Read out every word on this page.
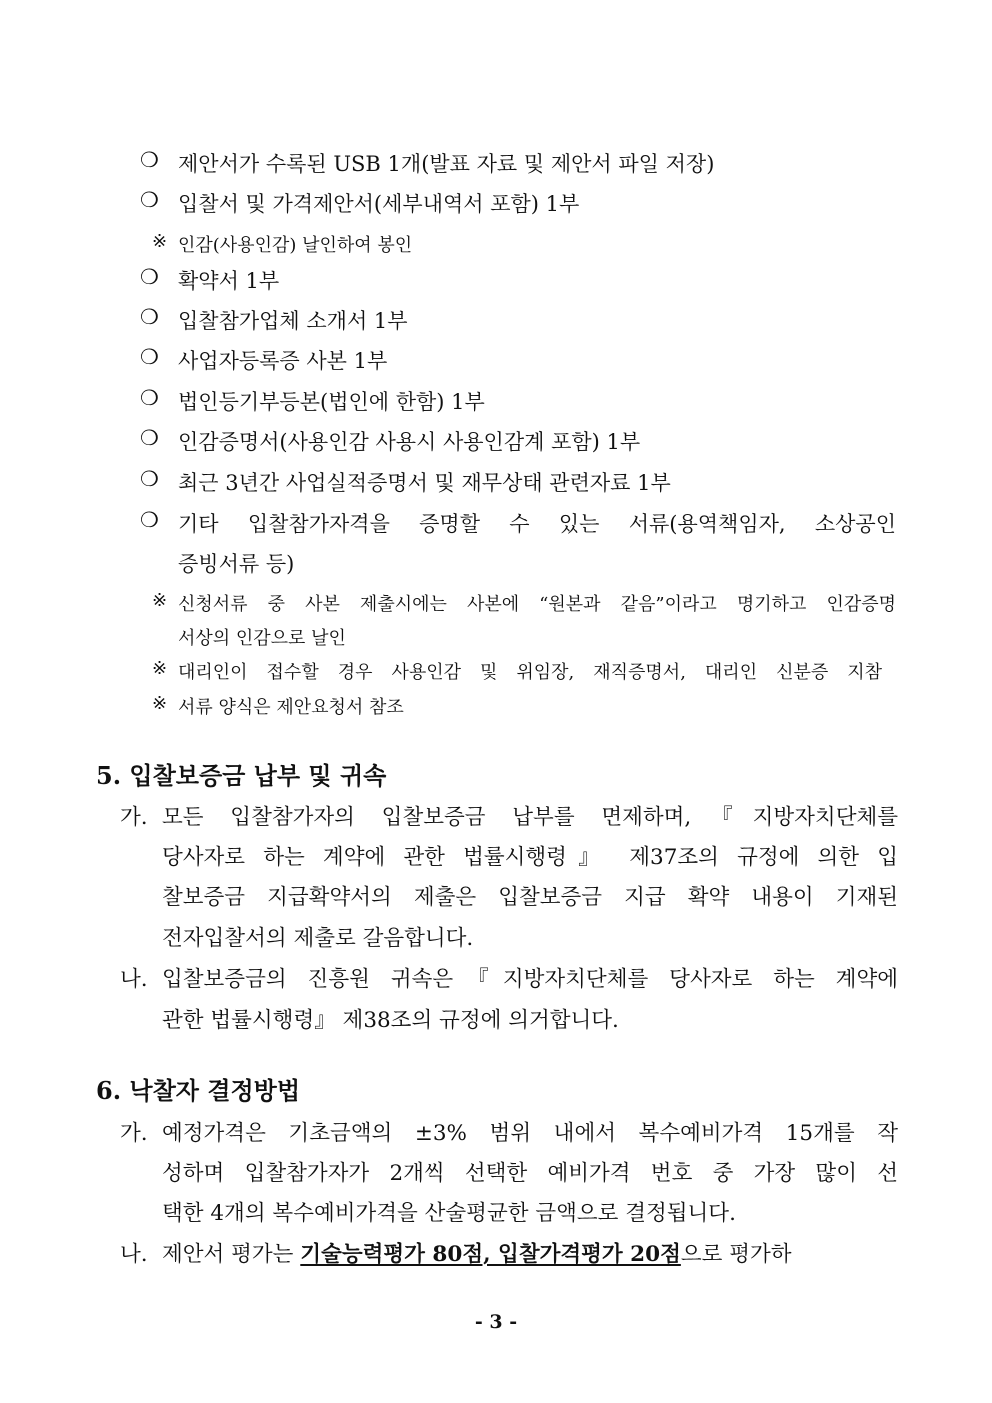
❍ 제안서가 수록된 USB 1개(발표 자료 및 제안서 파일 저장)
❍ 입찰서 및 가격제안서(세부내역서 포함) 1부
※ 인감(사용인감) 날인하여 봉인
❍ 확약서 1부
❍ 입찰참가업체 소개서 1부
❍ 사업자등록증 사본 1부
❍ 법인등기부등본(법인에 한함) 1부
❍ 인감증명서(사용인감 사용시 사용인감계 포함) 1부
❍ 최근 3년간 사업실적증명서 및 재무상태 관련자료 1부
❍ 기타 입찰참가자격을 증명할 수 있는 서류(용역책임자, 소상공인
증빙서류 등)
※ 신청서류 중 사본 제출시에는 사본에 “원본과 같음”이라고 명기하고 인감증명
서상의 인감으로 날인
※ 대리인이 접수할 경우 사용인감 및 위임장, 재직증명서, 대리인 신분증 지참
※ 서류 양식은 제안요청서 참조
5. 입찰보증금 납부 및 귀속
가. 모든 입찰참가자의 입찰보증금 납부를 면제하며,『지방자치단체를
당사자로 하는 계약에 관한 법률시행령』 제37조의 규정에 의한 입
찰보증금 지급확약서의 제출은 입찰보증금 지급 확약 내용이 기재된
전자입찰서의 제출로 갈음합니다.
나. 입찰보증금의 진흥원 귀속은『지방자치단체를 당사자로 하는 계약에
관한 법률시행령』 제38조의 규정에 의거합니다.
6. 낙찰자 결정방법
가. 예정가격은 기초금액의 ±3% 범위 내에서 복수예비가격 15개를 작
성하며 입찰참가자가 2개씩 선택한 예비가격 번호 중 가장 많이 선
택한 4개의 복수예비가격을 산술평균한 금액으로 결정됩니다.
나. 제안서 평가는 기술능력평가 80점, 입찰가격평가 20점으로 평가하
- 3 -
